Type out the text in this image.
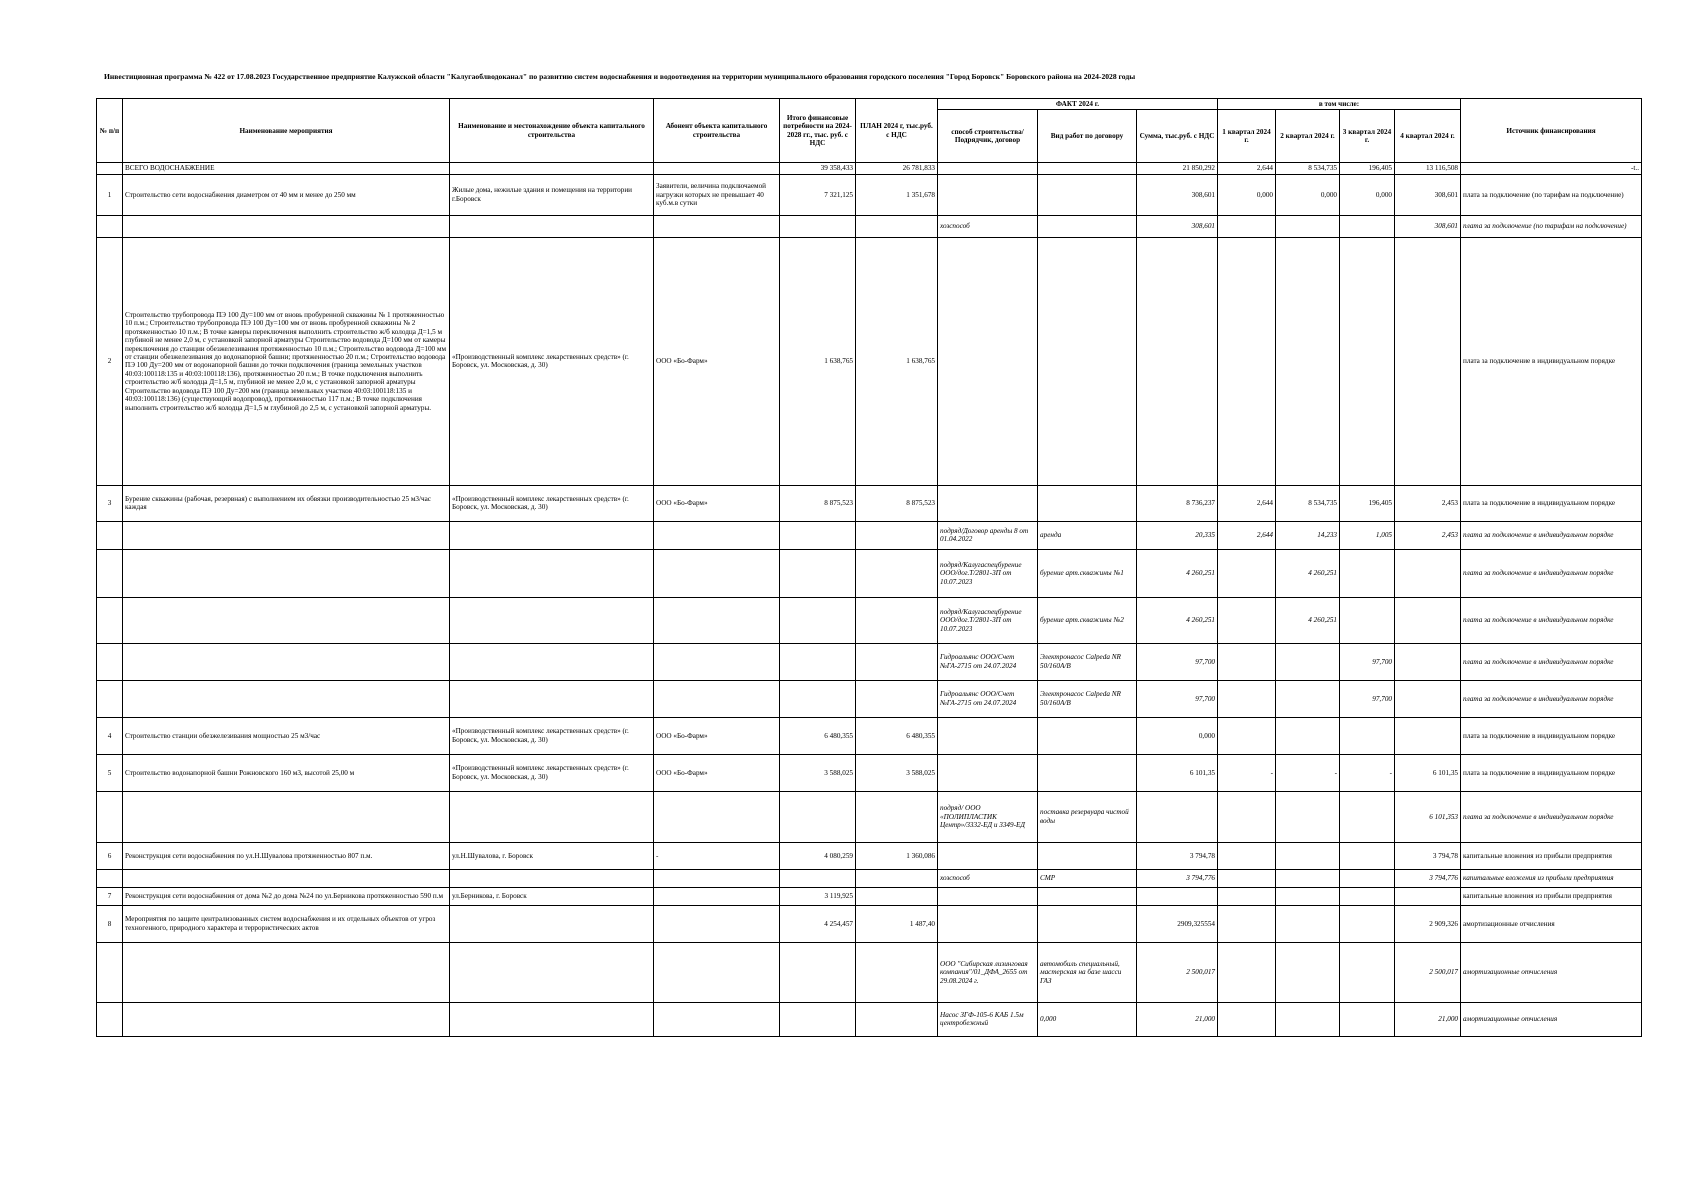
Инвестиционная программа № 422 от 17.08.2023 Государственное предприятие Калужской области "Калугаоблводоканал" по развитию систем водоснабжения и водоотведения на территории муниципального образования городского поселения "Город Боровск" Боровского района на 2024-2028 годы
№ п/п	Наименование мероприятия	Наименование и местонахождение объекта капитального строительства	Абонент объекта капитального строительства	Итого финансовые потребности на 2024-2028 гг., тыс. руб. с НДС	ПЛАН 2024 г, тыс.руб. с НДС	ФАКТ 2024 г.			в том числе:				Источник финансирования
						способ строительства/ Подрядчик, договор	Вид работ по договору	Сумма, тыс.руб. с НДС	1 квартал 2024 г.	2 квартал 2024 г.	3 квартал 2024 г.	4 квартал 2024 г.	
	ВСЕГО ВОДОСНАБЖЕНИЕ			39 358,433	26 781,833			21 850,292	2,644	8 534,735	196,405	13 116,508	-t..
1	Строительство сети водоснабжения диаметром от 40 мм и менее до 250 мм	Жилые дома, нежилые здания и помещения на территории г.Боровск	Заявители, величина подключаемой нагрузки которых не превышает 40 куб.м.в сутки	7 321,125	1 351,678			308,601	0,000	0,000	0,000	308,601	плата за подключение (по тарифам на подключение)
						хозспособ		308,601				308,601	плата за подключение (по тарифам на подключение)
2	Строительство трубопровода ПЭ 100 Ду=100 мм от вновь пробуренной скважины № 1 протяженностью 10 п.м.; Строительство трубопровода ПЭ 100 Ду=100 мм от вновь пробуренной скважины № 2 протяженностью 10 п.м.; В точке камеры переключения выполнить строительство ж/б колодца Д=1,5 м глубиной не менее 2,0 м, с установкой запорной арматуры Строительство водовода Д=100 мм от камеры переключения до станции обезжелезивания протяженностью 10 п.м.; Строительство водовода Д=100 мм от станции обезжелезивания до водонапорной башни; протяженностью 20 п.м.; Строительство водовода ПЭ 100 Ду=200 мм от водонапорной башни до точки подключения (граница земельных участков 40:03:100118:135 и 40:03:100118:136), протяженностью 20 п.м.; В точке подключения выполнить строительство ж/б колодца Д=1,5 м, глубиной не менее 2,0 м, с установкой запорной арматуры Строительство водовода ПЭ 100 Ду=200 мм (граница земельных участков 40:03:100118:135 и 40:03:100118:136) (существующий водопровод), протяженностью 117 п.м.; В точке подключения выполнить строительство ж/б колодца Д=1,5 м глубиной до 2,5 м, с установкой запорной арматуры.	«Производственный комплекс лекарственных средств» (г. Боровск, ул. Московская, д. 30)	ООО «Бо-Фарм»	1 638,765	1 638,765								плата за подключение в индивидуальном порядке
3	Бурение скважины (рабочая, резервная) с выполнением их обвязки производительностью 25 м3/час каждая	«Производственный комплекс лекарственных средств» (г. Боровск, ул. Московская, д. 30)	ООО «Бо-Фарм»	8 875,523	8 875,523			8 736,237	2,644	8 534,735	196,405	2,453	плата за подключение в индивидуальном порядке
						подряд/Договор аренды 8 от 01.04.2022	аренда	20,335	2,644	14,233	1,005	2,453	плата за подключение в индивидуальном порядке
						подряд/Калугаспецбурение ООО/дог.Т/2801-3П от 10.07.2023	бурение арт.скважины №1	4 260,251		4 260,251			плата за подключение в индивидуальном порядке
						подряд/Калугаспецбурение ООО/дог.Т/2801-3П от 10.07.2023	бурение арт.скважины №2	4 260,251		4 260,251			плата за подключение в индивидуальном порядке
						Гидроальянс ООО/Счет №ГА-2715 от 24.07.2024	Электронасос Calpeda NR 50/160A/B	97,700			97,700		плата за подключение в индивидуальном порядке
						Гидроальянс ООО/Счет №ГА-2715 от 24.07.2024	Электронасос Calpeda NR 50/160A/B	97,700			97,700		плата за подключение в индивидуальном порядке
4	Строительство станции обезжелезивания мощностью 25 м3/час	«Производственный комплекс лекарственных средств» (г. Боровск, ул. Московская, д. 30)	ООО «Бо-Фарм»	6 480,355	6 480,355			0,000					плата за подключение в индивидуальном порядке
5	Строительство водонапорной башни Рожновского 160 м3, высотой 25,00 м	«Производственный комплекс лекарственных средств» (г. Боровск, ул. Московская, д. 30)	ООО «Бо-Фарм»	3 588,025	3 588,025			6 101,35	-	-	-	6 101,35	плата за подключение в индивидуальном порядке
						подряд/ ООО «ПОЛИПЛАСТИК Центр»/3332-ЕД и 3349-ЕД	поставка резервуара чистой воды					6 101,353	плата за подключение в индивидуальном порядке
6	Реконструкция сети водоснабжения по ул.Н.Шувалова протяженностью 807 п.м.	ул.Н.Шувалова, г. Боровск	-	4 080,259	1 360,086			3 794,78				3 794,78	капитальные вложения из прибыли предприятия
						хозспособ	СМР	3 794,776				3 794,776	капитальные вложения из прибыли предприятия
7	Реконструкция сети водоснабжения от дома №2 до дома №24 по ул.Берникова протяженностью 590 п.м	ул.Берникова, г. Боровск		3 119,925									капитальные вложения из прибыли предприятия
8	Мероприятия по защите централизованных систем водоснабжения и их отдельных объектов от угроз техногенного, природного характера и террористических актов			4 254,457	1 487,40			2909,325554				2 909,326	амортизационные отчисления
						ООО "Сибирская лизинговая компания"/01_ДФА_2655 от 29.08.2024 г.	автомобиль специальный, мастерская на базе шасси ГАЗ	2 500,017				2 500,017	амортизационные отчисления
						Насос ЗГФ-105-6 КАБ 1.5м центробежный	0,000	21,000				21,000	амортизационные отчисления
